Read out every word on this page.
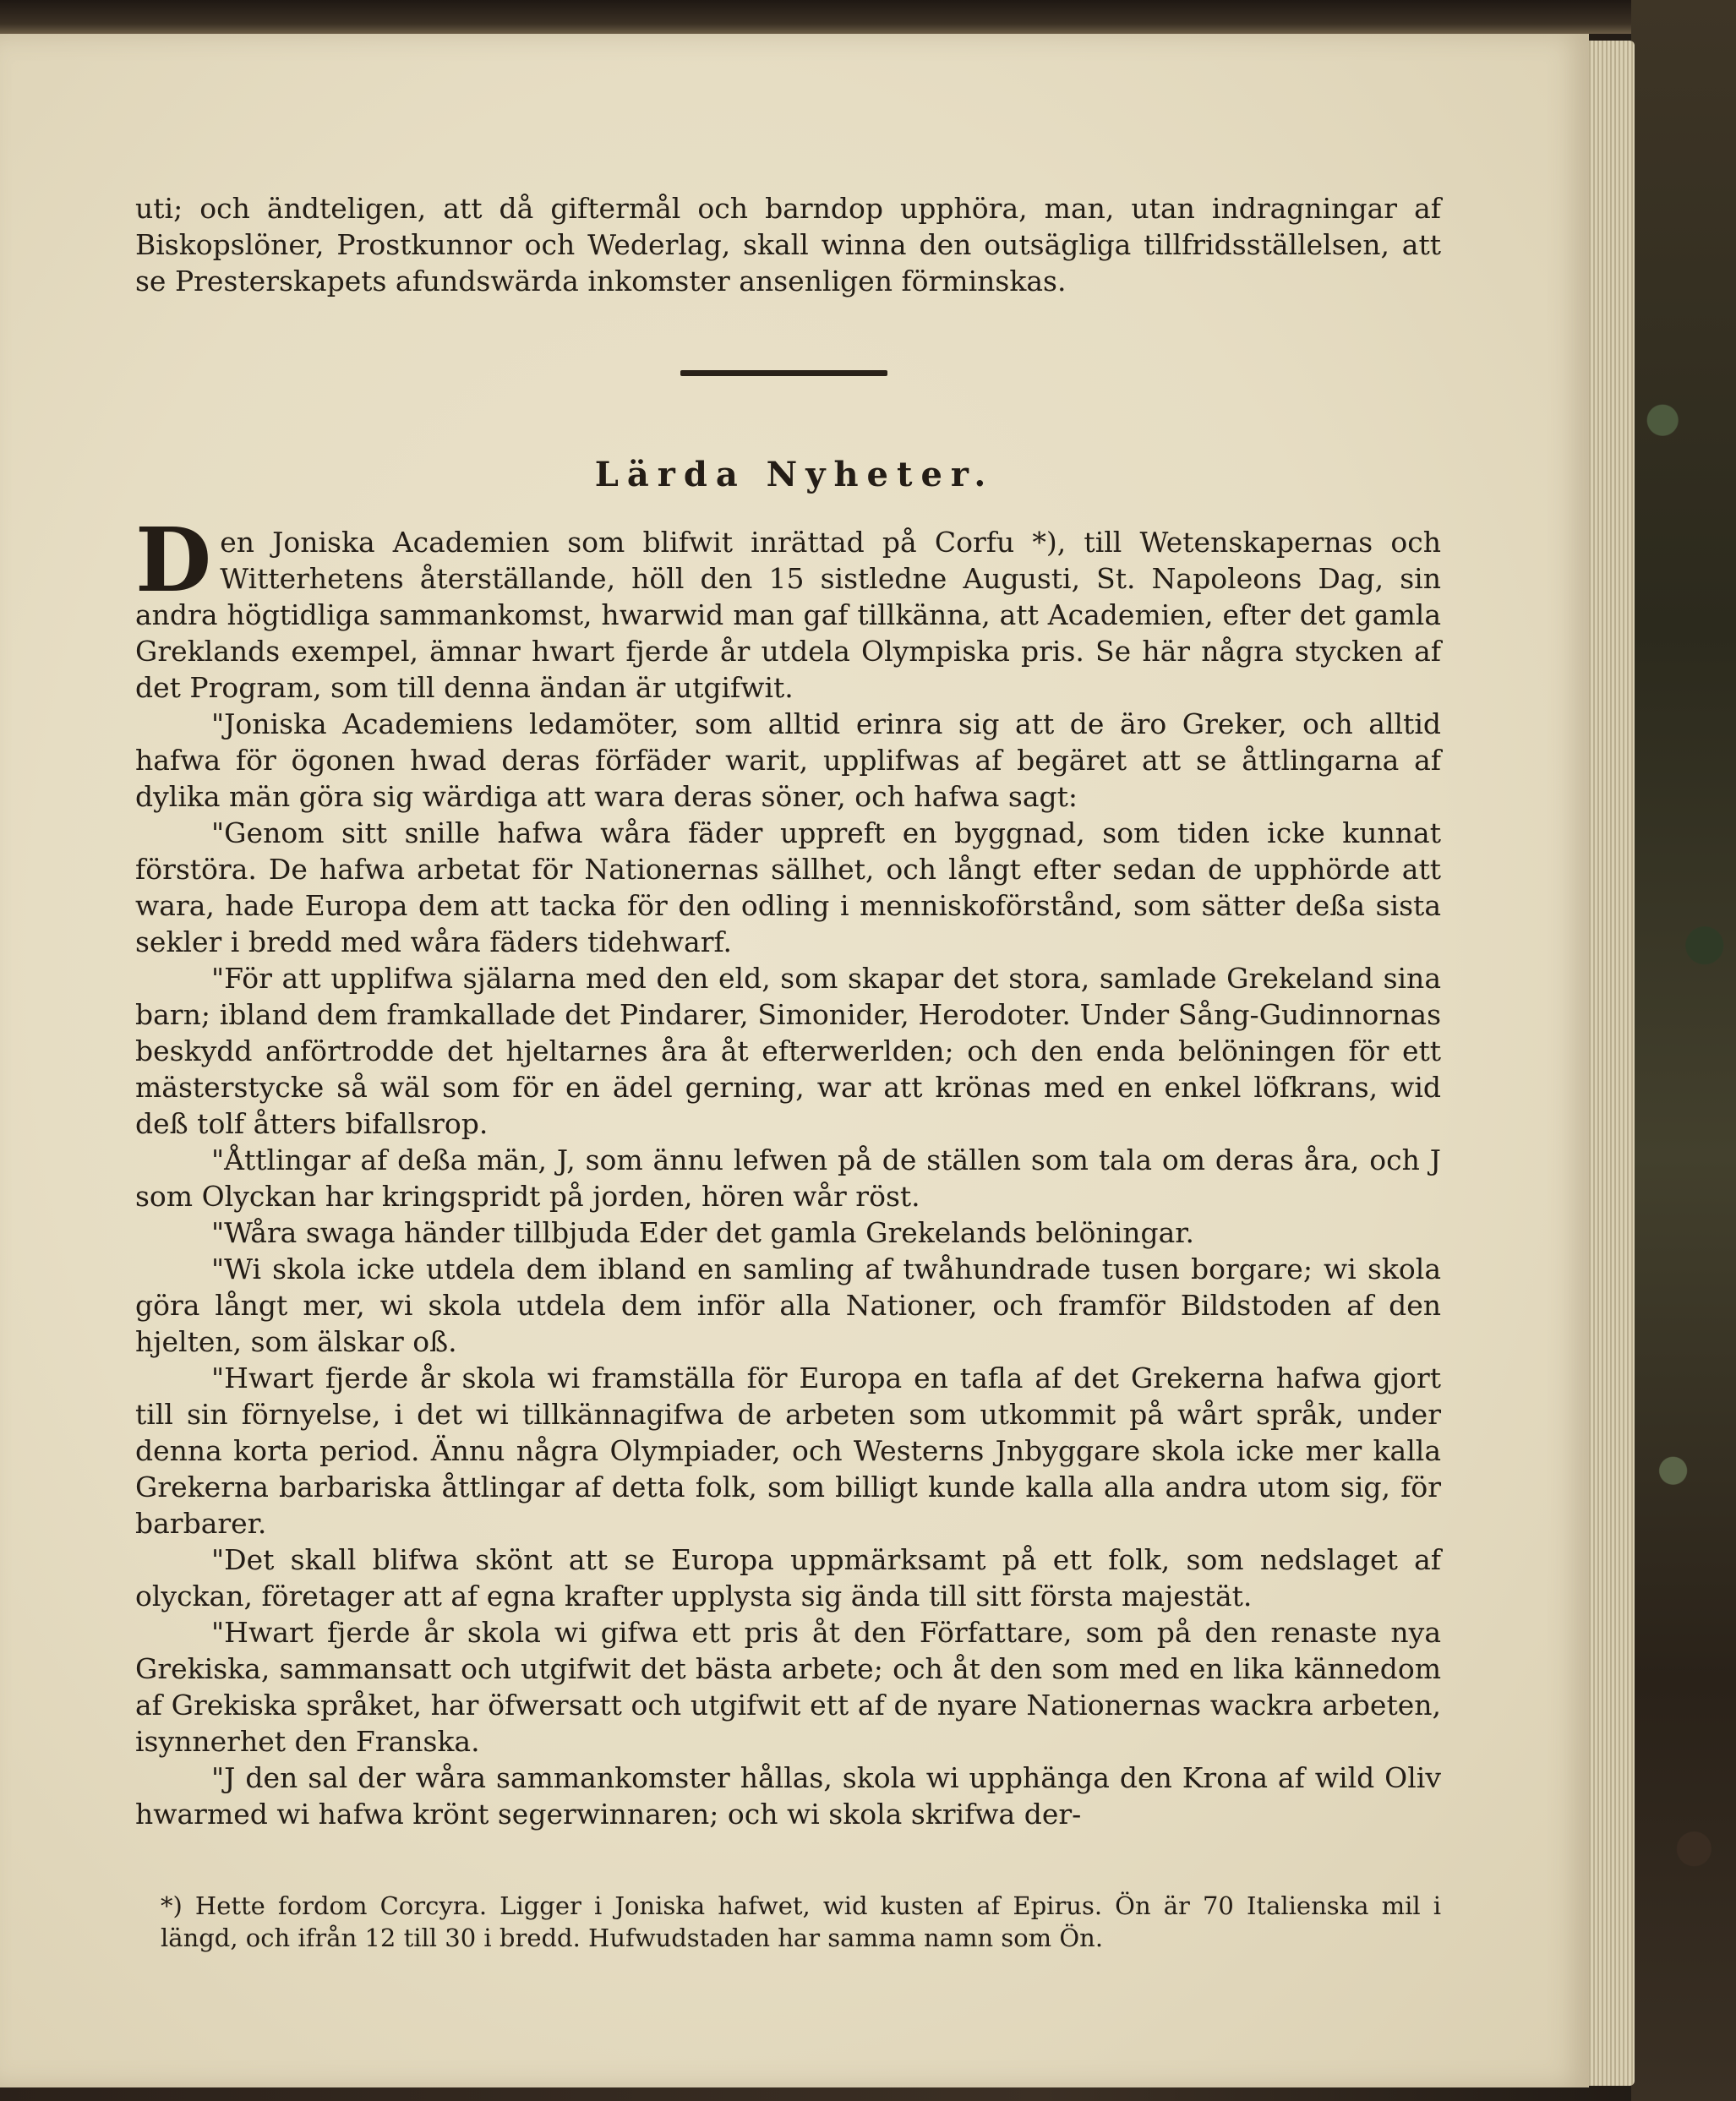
uti; och ändteligen, att då giftermål och barndop upphöra, man, utan indragningar af Biskopslöner, Prostkunnor och Wederlag, skall winna den outsägliga tillfridsställelsen, att se Presterskapets afundswärda inkomster ansenligen förminskas.

Lärda Nyheter.

D en Joniska Academien som blifwit inrättad på Corfu *), till Wetenskapernas och Witterhetens återställande, höll den 15 sistledne Augusti, St. Napoleons Dag, sin andra högtidliga sammankomst, hwarwid man gaf tillkänna, att Academien, efter det gamla Greklands exempel, ämnar hwart fjerde år utdela Olympiska pris. Se här några stycken af det Program, som till denna ändan är utgifwit.

"Joniska Academiens ledamöter, som alltid erinra sig att de äro Greker, och alltid hafwa för ögonen hwad deras förfäder warit, upplifwas af begäret att se åttlingarna af dylika män göra sig wärdiga att wara deras söner, och hafwa sagt:

"Genom sitt snille hafwa wåra fäder uppreft en byggnad, som tiden icke kunnat förstöra. De hafwa arbetat för Nationernas sällhet, och långt efter sedan de upphörde att wara, hade Europa dem att tacka för den odling i menniskoförstånd, som sätter deßa sista sekler i bredd med wåra fäders tidehwarf.

"För att upplifwa själarna med den eld, som skapar det stora, samlade Grekeland sina barn; ibland dem framkallade det Pindarer, Simonider, Herodoter. Under Sång-Gudinnornas beskydd anförtrodde det hjeltarnes åra åt efterwerlden; och den enda belöningen för ett mästerstycke så wäl som för en ädel gerning, war att krönas med en enkel löfkrans, wid deß tolf åtters bifallsrop.

"Åttlingar af deßa män, J, som ännu lefwen på de ställen som tala om deras åra, och J som Olyckan har kringspridt på jorden, hören wår röst.

"Wåra swaga händer tillbjuda Eder det gamla Grekelands belöningar.

"Wi skola icke utdela dem ibland en samling af twåhundrade tusen borgare; wi skola göra långt mer, wi skola utdela dem inför alla Nationer, och framför Bildstoden af den hjelten, som älskar oß.

"Hwart fjerde år skola wi framställa för Europa en tafla af det Grekerna hafwa gjort till sin förnyelse, i det wi tillkännagifwa de arbeten som utkommit på wårt språk, under denna korta period. Ännu några Olympiader, och Westerns Jnbyggare skola icke mer kalla Grekerna barbariska åttlingar af detta folk, som billigt kunde kalla alla andra utom sig, för barbarer.

"Det skall blifwa skönt att se Europa uppmärksamt på ett folk, som nedslaget af olyckan, företager att af egna krafter upplysta sig ända till sitt första majestät.

"Hwart fjerde år skola wi gifwa ett pris åt den Författare, som på den renaste nya Grekiska, sammansatt och utgifwit det bästa arbete; och åt den som med en lika kännedom af Grekiska språket, har öfwersatt och utgifwit ett af de nyare Nationernas wackra arbeten, isynnerhet den Franska.

"J den sal der wåra sammankomster hållas, skola wi upphänga den Krona af wild Oliv hwarmed wi hafwa krönt segerwinnaren; och wi skola skrifwa der-

*) Hette fordom Corcyra. Ligger i Joniska hafwet, wid kusten af Epirus. Ön är 70 Italienska mil i längd, och ifrån 12 till 30 i bredd. Hufwudstaden har samma namn som Ön.
